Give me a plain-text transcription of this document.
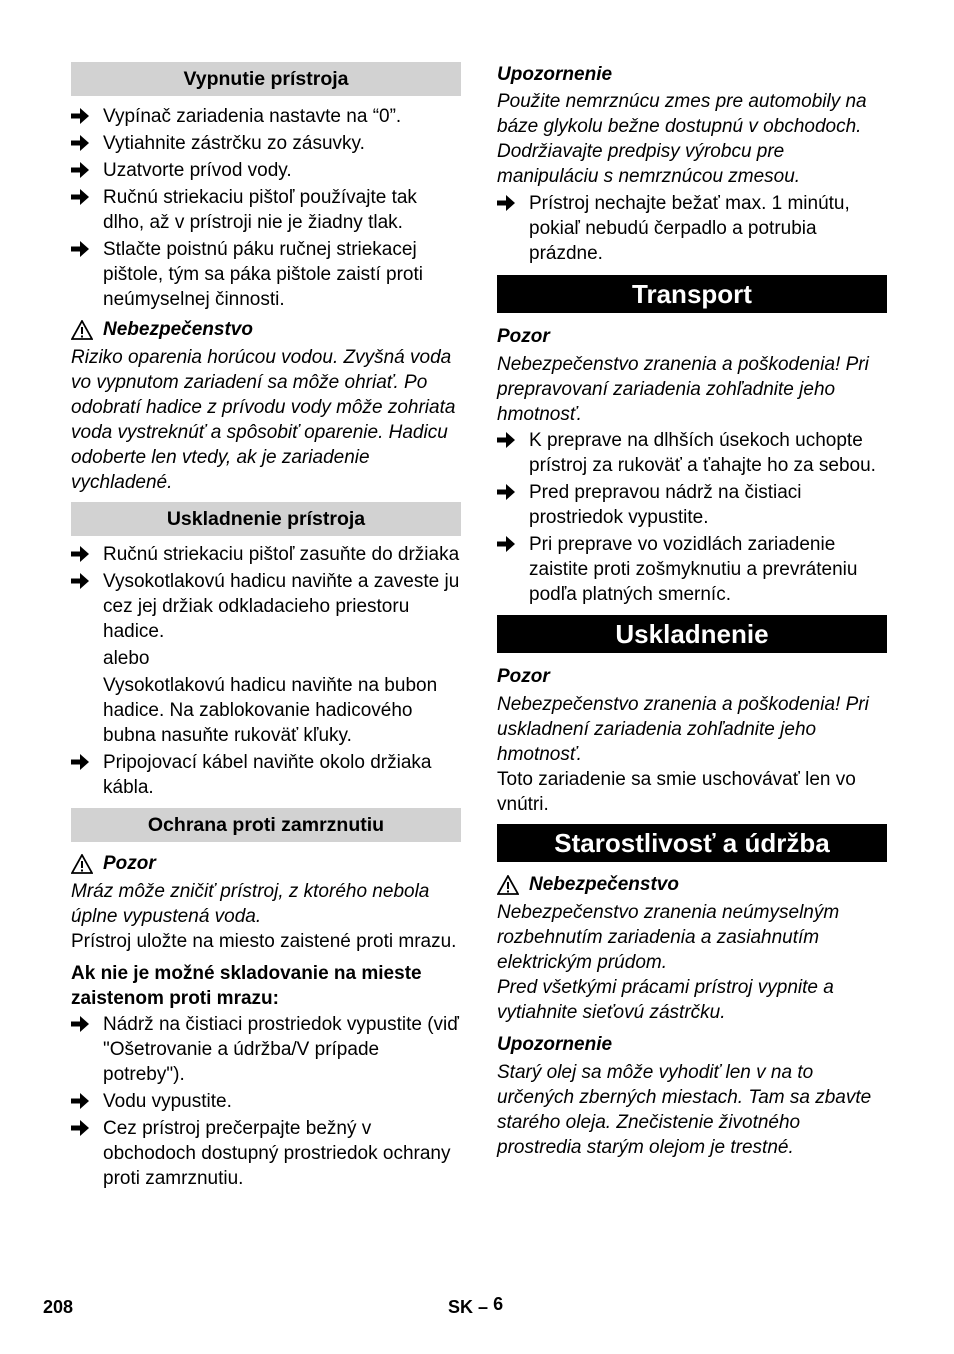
Vypnutie prístroja
Vypínač zariadenia nastavte na “0”.
Vytiahnite zástrčku zo zásuvky.
Uzatvorte prívod vody.
Ručnú striekaciu pištoľ používajte tak dlho, až v prístroji nie je žiadny tlak.
Stlačte poistnú páku ručnej striekacej pištole, tým sa páka pištole zaistí proti neúmyselnej činnosti.
Nebezpečenstvo

Riziko oparenia horúcou vodou. Zvyšná voda vo vypnutom zariadení sa môže ohriať. Po odobratí hadice z prívodu vody môže zohriata voda vystreknúť a spôsobiť oparenie. Hadicu odoberte len vtedy, ak je zariadenie vychladené.

Uskladnenie prístroja
Ručnú striekaciu pištoľ zasuňte do držiaka
Vysokotlakovú hadicu naviňte a zaveste ju cez jej držiak odkladacieho priestoru hadice.
alebo
Vysokotlakovú hadicu naviňte na bubon hadice. Na zablokovanie hadicového bubna nasuňte rukoväť kľuky.
Pripojovací kábel naviňte okolo držiaka kábla.
Ochrana proti zamrznutiu
Pozor

Mráz môže zničiť prístroj, z ktorého nebola úplne vypustená voda.

Prístroj uložte na miesto zaistené proti mrazu.

Ak nie je možné skladovanie na mieste zaistenom proti mrazu:

Nádrž na čistiaci prostriedok vypustite (viď "Ošetrovanie a údržba/V prípade potreby").
Vodu vypustite.
Cez prístroj prečerpajte bežný v obchodoch dostupný prostriedok ochrany proti zamrznutiu.

Upozornenie

Použite nemrznúcu zmes pre automobily na báze glykolu bežne dostupnú v obchodoch.

Dodržiavajte predpisy výrobcu pre manipuláciu s nemrznúcou zmesou.

Prístroj nechajte bežať max. 1 minútu, pokiaľ nebudú čerpadlo a potrubia prázdne.
Transport

Pozor

Nebezpečenstvo zranenia a poškodenia! Pri prepravovaní zariadenia zohľadnite jeho hmotnosť.

K preprave na dlhších úsekoch uchopte prístroj za rukoväť a ťahajte ho za sebou.
Pred prepravou nádrž na čistiaci prostriedok vypustite.
Pri preprave vo vozidlách zariadenie zaistite proti zošmyknutiu a prevráteniu podľa platných smerníc.
Uskladnenie

Pozor

Nebezpečenstvo zranenia a poškodenia! Pri uskladnení zariadenia zohľadnite jeho hmotnosť.

Toto zariadenie sa smie uschovávať len vo vnútri.

Starostlivosť a údržba
Nebezpečenstvo

Nebezpečenstvo zranenia neúmyselným rozbehnutím zariadenia a zasiahnutím elektrickým prúdom.

Pred všetkými prácami prístroj vypnite a vytiahnite sieťovú zástrčku.

Upozornenie

Starý olej sa môže vyhodiť len v na to určených zberných miestach. Tam sa zbavte starého oleja. Znečistenie životného prostredia starým olejom je trestné.

208	SK – 6
